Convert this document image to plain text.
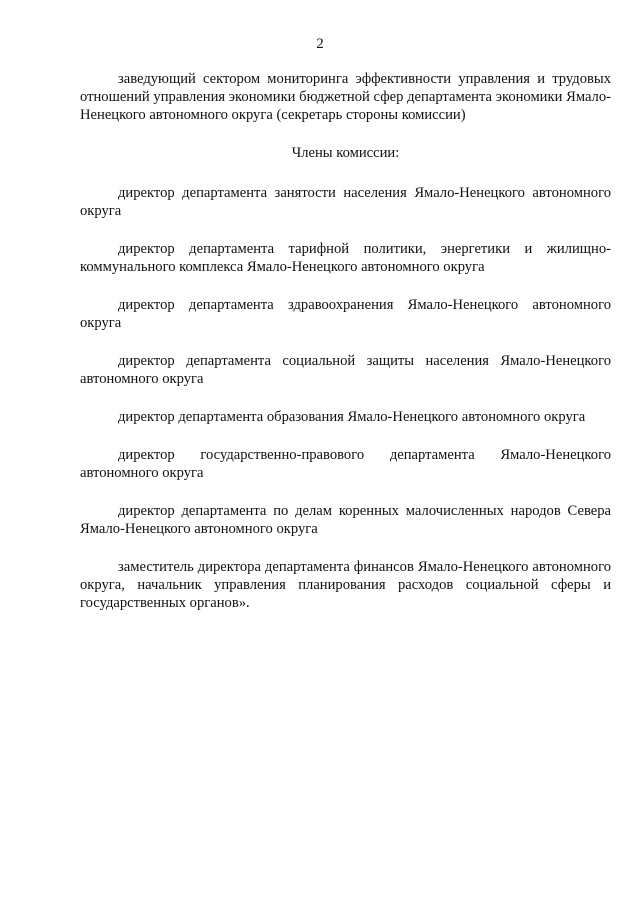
2

заведующий сектором мониторинга эффективности управления и трудовых отношений управления экономики бюджетной сфер департамента экономики Ямало-Ненецкого автономного округа (секретарь стороны комиссии)

Члены комиссии:

директор департамента занятости населения Ямало-Ненецкого автономного округа

директор департамента тарифной политики, энергетики и жилищно-коммунального комплекса Ямало-Ненецкого автономного округа

директор департамента здравоохранения Ямало-Ненецкого автономного округа

директор департамента социальной защиты населения Ямало-Ненецкого автономного округа

директор департамента образования Ямало-Ненецкого автономного округа

директор государственно-правового департамента Ямало-Ненецкого автономного округа

директор департамента по делам коренных малочисленных народов Севера Ямало-Ненецкого автономного округа

заместитель директора департамента финансов Ямало-Ненецкого автономного округа, начальник управления планирования расходов социальной сферы и государственных органов».
